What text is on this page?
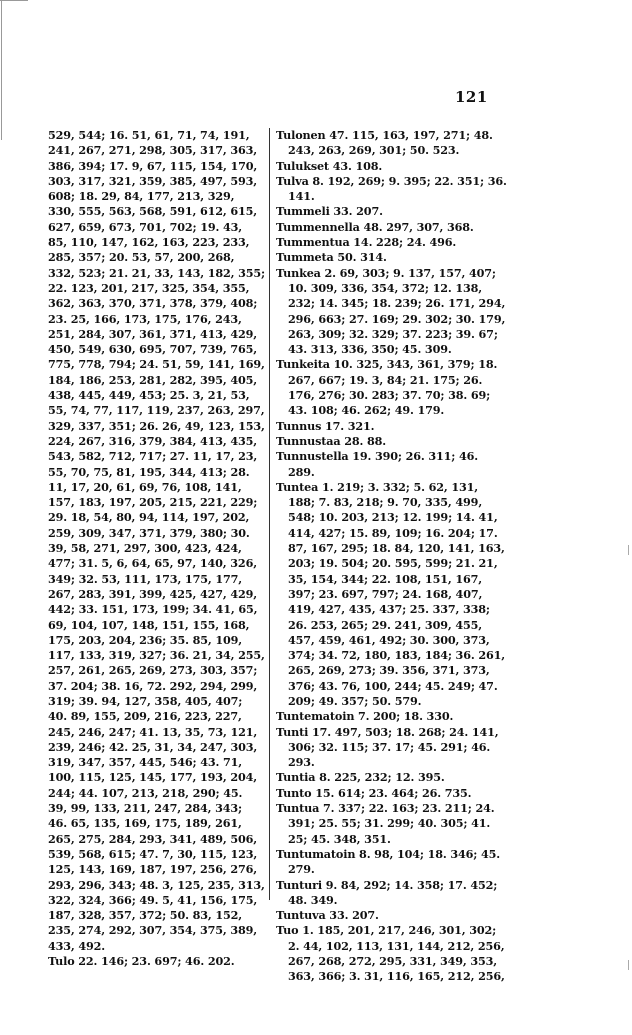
121
529, 544; 16. 51, 61, 71, 74, 191,
241, 267, 271, 298, 305, 317, 363,
386, 394; 17. 9, 67, 115, 154, 170,
303, 317, 321, 359, 385, 497, 593,
608; 18. 29, 84, 177, 213, 329,
330, 555, 563, 568, 591, 612, 615,
627, 659, 673, 701, 702; 19. 43,
85, 110, 147, 162, 163, 223, 233,
285, 357; 20. 53, 57, 200, 268,
332, 523; 21. 21, 33, 143, 182, 355;
22. 123, 201, 217, 325, 354, 355,
362, 363, 370, 371, 378, 379, 408;
23. 25, 166, 173, 175, 176, 243,
251, 284, 307, 361, 371, 413, 429,
450, 549, 630, 695, 707, 739, 765,
775, 778, 794; 24. 51, 59, 141, 169,
184, 186, 253, 281, 282, 395, 405,
438, 445, 449, 453; 25. 3, 21, 53,
55, 74, 77, 117, 119, 237, 263, 297,
329, 337, 351; 26. 26, 49, 123, 153,
224, 267, 316, 379, 384, 413, 435,
543, 582, 712, 717; 27. 11, 17, 23,
55, 70, 75, 81, 195, 344, 413; 28.
11, 17, 20, 61, 69, 76, 108, 141,
157, 183, 197, 205, 215, 221, 229;
29. 18, 54, 80, 94, 114, 197, 202,
259, 309, 347, 371, 379, 380; 30.
39, 58, 271, 297, 300, 423, 424,
477; 31. 5, 6, 64, 65, 97, 140, 326,
349; 32. 53, 111, 173, 175, 177,
267, 283, 391, 399, 425, 427, 429,
442; 33. 151, 173, 199; 34. 41, 65,
69, 104, 107, 148, 151, 155, 168,
175, 203, 204, 236; 35. 85, 109,
117, 133, 319, 327; 36. 21, 34, 255,
257, 261, 265, 269, 273, 303, 357;
37. 204; 38. 16, 72. 292, 294, 299,
319; 39. 94, 127, 358, 405, 407;
40. 89, 155, 209, 216, 223, 227,
245, 246, 247; 41. 13, 35, 73, 121,
239, 246; 42. 25, 31, 34, 247, 303,
319, 347, 357, 445, 546; 43. 71,
100, 115, 125, 145, 177, 193, 204,
244; 44. 107, 213, 218, 290; 45.
39, 99, 133, 211, 247, 284, 343;
46. 65, 135, 169, 175, 189, 261,
265, 275, 284, 293, 341, 489, 506,
539, 568, 615; 47. 7, 30, 115, 123,
125, 143, 169, 187, 197, 256, 276,
293, 296, 343; 48. 3, 125, 235, 313,
322, 324, 366; 49. 5, 41, 156, 175,
187, 328, 357, 372; 50. 83, 152,
235, 274, 292, 307, 354, 375, 389,
433, 492.
Tulo 22. 146; 23. 697; 46. 202.
Tulonen 47. 115, 163, 197, 271; 48. 243, 263, 269, 301; 50. 523.
Tulukset 43. 108.
Tulva 8. 192, 269; 9. 395; 22. 351; 36. 141.
Tummeli 33. 207.
Tummennella 48. 297, 307, 368.
Tummentua 14. 228; 24. 496.
Tummeta 50. 314.
Tunkea 2. 69, 303; 9. 137, 157, 407; 10. 309, 336, 354, 372; 12. 138, 232; 14. 345; 18. 239; 26. 171, 294, 296, 663; 27. 169; 29. 302; 30. 179, 263, 309; 32. 329; 37. 223; 39. 67; 43. 313, 336, 350; 45. 309.
Tunkeita 10. 325, 343, 361, 379; 18. 267, 667; 19. 3, 84; 21. 175; 26. 176, 276; 30. 283; 37. 70; 38. 69; 43. 108; 46. 262; 49. 179.
Tunnus 17. 321.
Tunnustaa 28. 88.
Tunnustella 19. 390; 26. 311; 46. 289.
Tuntea 1. 219; 3. 332; 5. 62, 131, 188; 7. 83, 218; 9. 70, 335, 499, 548; 10. 203, 213; 12. 199; 14. 41, 414, 427; 15. 89, 109; 16. 204; 17. 87, 167, 295; 18. 84, 120, 141, 163, 203; 19. 504; 20. 595, 599; 21. 21, 35, 154, 344; 22. 108, 151, 167, 397; 23. 697, 797; 24. 168, 407, 419, 427, 435, 437; 25. 337, 338; 26. 253, 265; 29. 241, 309, 455, 457, 459, 461, 492; 30. 300, 373, 374; 34. 72, 180, 183, 184; 36. 261, 265, 269, 273; 39. 356, 371, 373, 376; 43. 76, 100, 244; 45. 249; 47. 209; 49. 357; 50. 579.
Tuntematoin 7. 200; 18. 330.
Tunti 17. 497, 503; 18. 268; 24. 141, 306; 32. 115; 37. 17; 45. 291; 46. 293.
Tuntia 8. 225, 232; 12. 395.
Tunto 15. 614; 23. 464; 26. 735.
Tuntua 7. 337; 22. 163; 23. 211; 24. 391; 25. 55; 31. 299; 40. 305; 41. 25; 45. 348, 351.
Tuntumatoin 8. 98, 104; 18. 346; 45. 279.
Tunturi 9. 84, 292; 14. 358; 17. 452; 48. 349.
Tuntuva 33. 207.
Tuo 1. 185, 201, 217, 246, 301, 302; 2. 44, 102, 113, 131, 144, 212, 256, 267, 268, 272, 295, 331, 349, 353, 363, 366; 3. 31, 116, 165, 212, 256,
